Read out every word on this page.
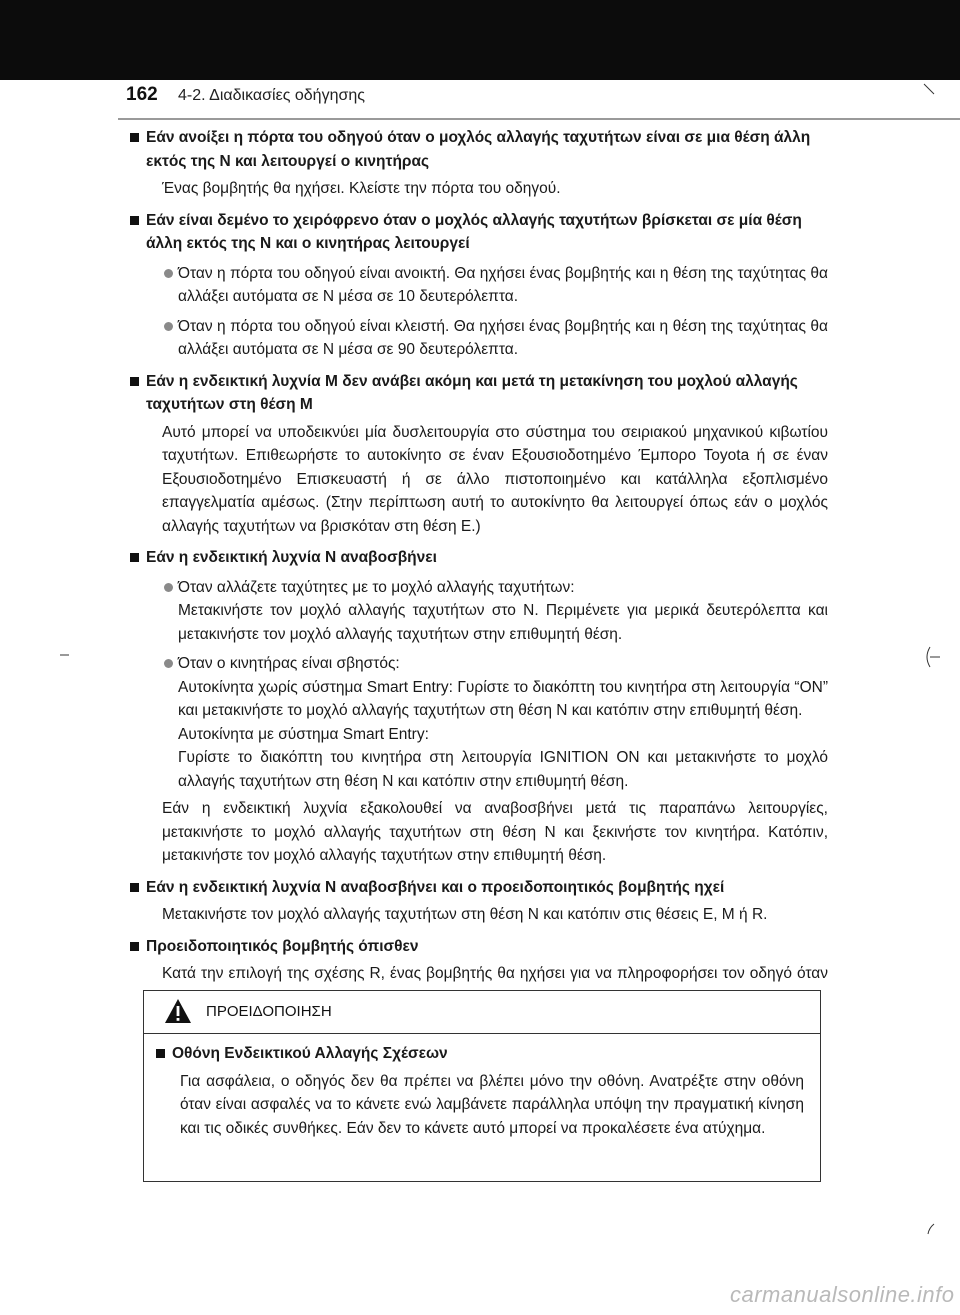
162 4-2. Διαδικασίες οδήγησης
Εάν ανοίξει η πόρτα του οδηγού όταν ο μοχλός αλλαγής ταχυτήτων είναι σε μια θέση άλλη εκτός της N και λειτουργεί ο κινητήρας
Ένας βομβητής θα ηχήσει. Κλείστε την πόρτα του οδηγού.
Εάν είναι δεμένο το χειρόφρενο όταν ο μοχλός αλλαγής ταχυτήτων βρίσκεται σε μία θέση άλλη εκτός της N και ο κινητήρας λειτουργεί
Όταν η πόρτα του οδηγού είναι ανοικτή. Θα ηχήσει ένας βομβητής και η θέση της ταχύτητας θα αλλάξει αυτόματα σε N μέσα σε 10 δευτερόλεπτα.
Όταν η πόρτα του οδηγού είναι κλειστή. Θα ηχήσει ένας βομβητής και η θέση της ταχύτητας θα αλλάξει αυτόματα σε N μέσα σε 90 δευτερόλεπτα.
Εάν η ενδεικτική λυχνία M δεν ανάβει ακόμη και μετά τη μετακίνηση του μοχλού αλλαγής ταχυτήτων στη θέση M
Αυτό μπορεί να υποδεικνύει μία δυσλειτουργία στο σύστημα του σειριακού μηχανικού κιβωτίου ταχυτήτων. Επιθεωρήστε το αυτοκίνητο σε έναν Εξουσιοδοτημένο Έμπορο Toyota ή σε έναν Εξουσιοδοτημένο Επισκευαστή ή σε άλλο πιστοποιημένο και κατάλληλα εξοπλισμένο επαγγελματία αμέσως. (Στην περίπτωση αυτή το αυτοκίνητο θα λειτουργεί όπως εάν ο μοχλός αλλαγής ταχυτήτων να βρισκόταν στη θέση E.)
Εάν η ενδεικτική λυχνία N αναβοσβήνει
Όταν αλλάζετε ταχύτητες με το μοχλό αλλαγής ταχυτήτων:
Μετακινήστε τον μοχλό αλλαγής ταχυτήτων στο N. Περιμένετε για μερικά δευτερόλεπτα και μετακινήστε τον μοχλό αλλαγής ταχυτήτων στην επιθυμητή θέση.
Όταν ο κινητήρας είναι σβηστός:
Αυτοκίνητα χωρίς σύστημα Smart Entry: Γυρίστε το διακόπτη του κινητήρα στη λειτουργία “ON” και μετακινήστε το μοχλό αλλαγής ταχυτήτων στη θέση N και κατόπιν στην επιθυμητή θέση.
Αυτοκίνητα με σύστημα Smart Entry:
Γυρίστε το διακόπτη του κινητήρα στη λειτουργία IGNITION ON και μετακινήστε το μοχλό αλλαγής ταχυτήτων στη θέση N και κατόπιν στην επιθυμητή θέση.
Εάν η ενδεικτική λυχνία εξακολουθεί να αναβοσβήνει μετά τις παραπάνω λειτουργίες, μετακινήστε το μοχλό αλλαγής ταχυτήτων στη θέση N και ξεκινήστε τον κινητήρα. Κατόπιν, μετακινήστε τον μοχλό αλλαγής ταχυτήτων στην επιθυμητή θέση.
Εάν η ενδεικτική λυχνία N αναβοσβήνει και ο προειδοποιητικός βομβητής ηχεί
Μετακινήστε τον μοχλό αλλαγής ταχυτήτων στη θέση N και κατόπιν στις θέσεις E, M ή R.
Προειδοποιητικός βομβητής όπισθεν
Κατά την επιλογή της σχέσης R, ένας βομβητής θα ηχήσει για να πληροφορήσει τον οδηγό όταν
ΠΡΟΕΙΔΟΠΟΙΗΣΗ
Οθόνη Ενδεικτικού Αλλαγής Σχέσεων
Για ασφάλεια, ο οδηγός δεν θα πρέπει να βλέπει μόνο την οθόνη. Ανατρέξτε στην οθόνη όταν είναι ασφαλές να το κάνετε ενώ λαμβάνετε παράλληλα υπόψη την πραγματική κίνηση και τις οδικές συνθήκες. Εάν δεν το κάνετε αυτό μπορεί να προκαλέσετε ένα ατύχημα.
carmanualsonline.info
